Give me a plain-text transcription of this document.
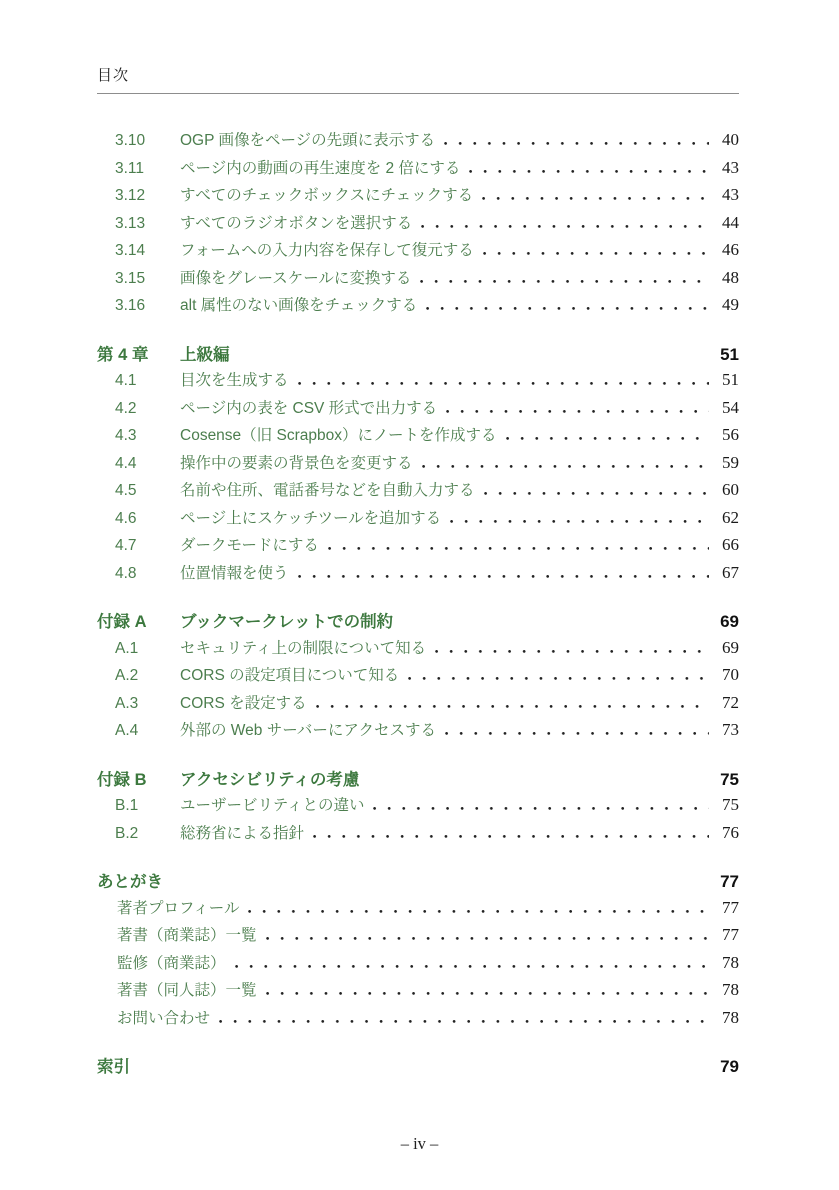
目次
3.10	OGP 画像をページの先頭に表示する	40
3.11	ページ内の動画の再生速度を 2 倍にする	43
3.12	すべてのチェックボックスにチェックする	43
3.13	すべてのラジオボタンを選択する	44
3.14	フォームへの入力内容を保存して復元する	46
3.15	画像をグレースケールに変換する	48
3.16	alt 属性のない画像をチェックする	49
第 4 章	上級編	51
4.1	目次を生成する	51
4.2	ページ内の表を CSV 形式で出力する	54
4.3	Cosense（旧 Scrapbox）にノートを作成する	56
4.4	操作中の要素の背景色を変更する	59
4.5	名前や住所、電話番号などを自動入力する	60
4.6	ページ上にスケッチツールを追加する	62
4.7	ダークモードにする	66
4.8	位置情報を使う	67
付録 A	ブックマークレットでの制約	69
A.1	セキュリティ上の制限について知る	69
A.2	CORS の設定項目について知る	70
A.3	CORS を設定する	72
A.4	外部の Web サーバーにアクセスする	73
付録 B	アクセシビリティの考慮	75
B.1	ユーザービリティとの違い	75
B.2	総務省による指針	76
あとがき	77
著者プロフィール	77
著書（商業誌）一覧	77
監修（商業誌）	78
著書（同人誌）一覧	78
お問い合わせ	78
索引	79
– iv –
